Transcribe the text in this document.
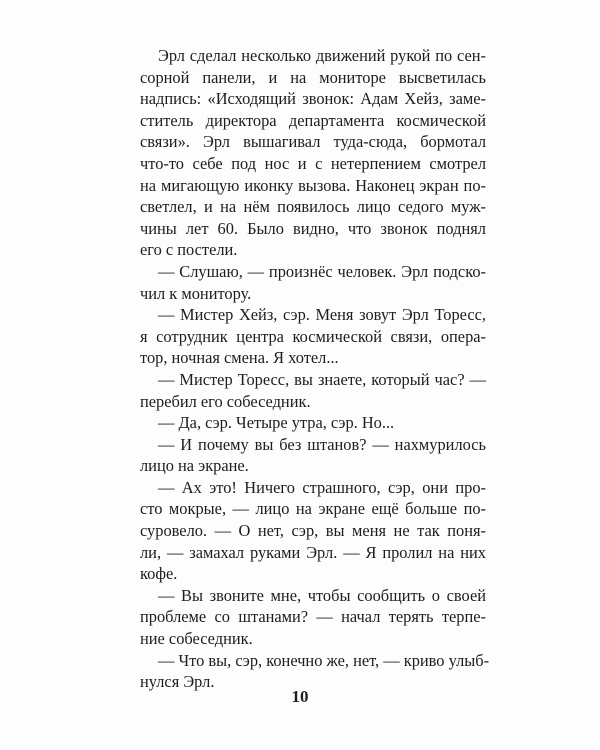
Эрл сделал несколько движений рукой по сен-
сорной панели, и на мониторе высветилась
надпись: «Исходящий звонок: Адам Хейз, заме-
ститель директора департамента космической
связи». Эрл вышагивал туда-сюда, бормотал
что-то себе под нос и с нетерпением смотрел
на мигающую иконку вызова. Наконец экран по-
светлел, и на нём появилось лицо седого муж-
чины лет 60. Было видно, что звонок поднял
его с постели.
— Слушаю, — произнёс человек. Эрл подско-
чил к монитору.
— Мистер Хейз, сэр. Меня зовут Эрл Торесс,
я сотрудник центра космической связи, опера-
тор, ночная смена. Я хотел...
— Мистер Торесс, вы знаете, который час? —
перебил его собеседник.
— Да, сэр. Четыре утра, сэр. Но...
— И почему вы без штанов? — нахмурилось
лицо на экране.
— Ах это! Ничего страшного, сэр, они про-
сто мокрые, — лицо на экране ещё больше по-
суровело. — О нет, сэр, вы меня не так поня-
ли, — замахал руками Эрл. — Я пролил на них
кофе.
— Вы звоните мне, чтобы сообщить о своей
проблеме со штанами? — начал терять терпе-
ние собеседник.
— Что вы, сэр, конечно же, нет, — криво улыб-
нулся Эрл.
10
